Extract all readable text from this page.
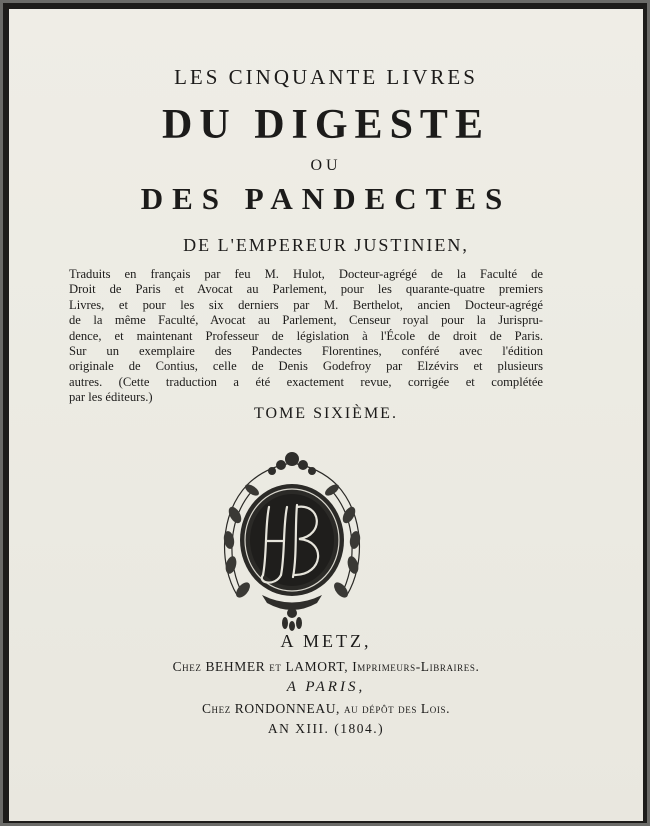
LES CINQUANTE LIVRES
DU DIGESTE
OU
DES PANDECTES
DE L'EMPEREUR JUSTINIEN,
Traduits en français par feu M. Hulot, Docteur-agrégé de la Faculté de
Droit de Paris et Avocat au Parlement, pour les quarante-quatre premiers
Livres, et pour les six derniers par M. Berthelot, ancien Docteur-agrégé
de la même Faculté, Avocat au Parlement, Censeur royal pour la Jurispru-
dence, et maintenant Professeur de législation à l'École de droit de Paris.
Sur un exemplaire des Pandectes Florentines, conféré avec l'édition
originale de Contius, celle de Denis Godefroy par Elzévirs et plusieurs
autres. (Cette traduction a été exactement revue, corrigée et complétée
par les éditeurs.)
TOME SIXIÈME.
A METZ,
Chez BEHMER et LAMORT, Imprimeurs-Libraires.
A PARIS,
Chez RONDONNEAU, au dépôt des Lois.
AN XIII. (1804.)
